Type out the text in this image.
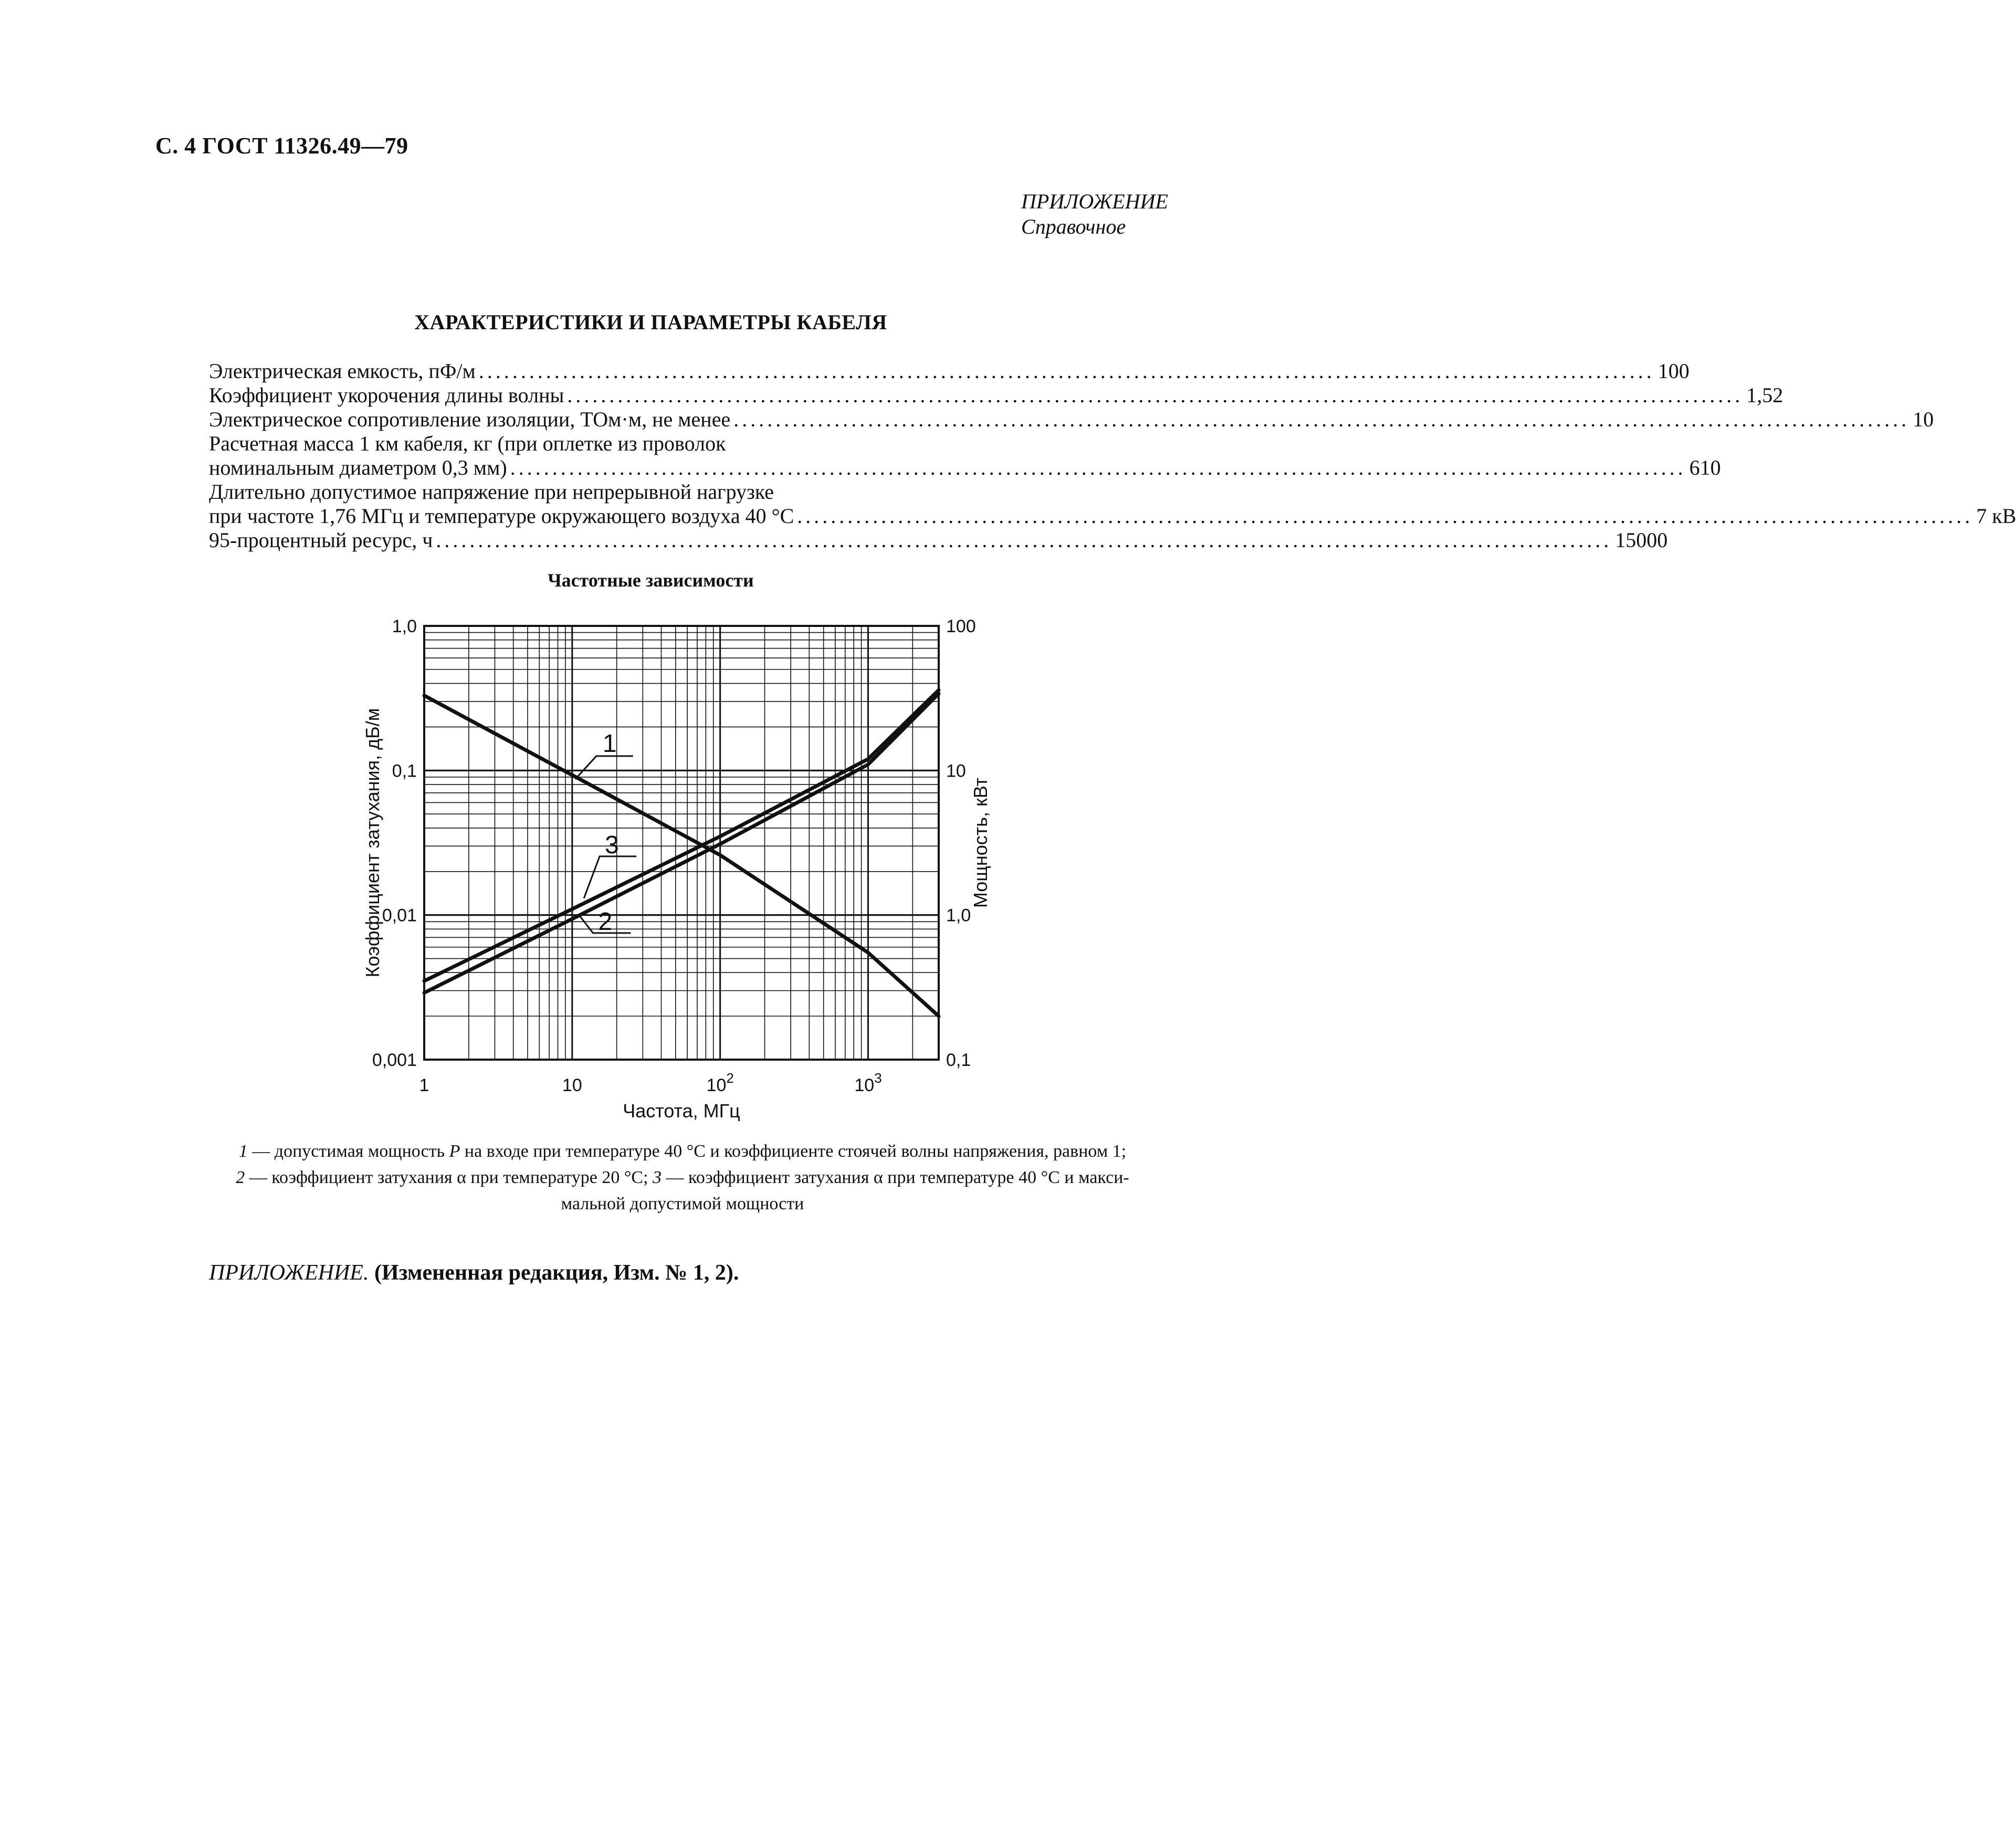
С. 4 ГОСТ 11326.49—79
ПРИЛОЖЕНИЕ
Справочное
ХАРАКТЕРИСТИКИ И ПАРАМЕТРЫ КАБЕЛЯ
Электрическая емкость, пФ/м ............................................................................................................................................ 100
Коэффициент укорочения длины волны ............................................................................................................................................ 1,52
Электрическое сопротивление изоляции, ТОм·м, не менее ............................................................................................................................................ 10
Расчетная масса 1 км кабеля, кг (при оплетке из проволок
номинальным диаметром 0,3 мм) ............................................................................................................................................ 610
Длительно допустимое напряжение при непрерывной нагрузке
при частоте 1,76 МГц и температуре окружающего воздуха 40 °С ............................................................................................................................................ 7 кВ
95-процентный ресурс, ч ............................................................................................................................................ 15000
Частотные зависимости
1	10	$10^2$	$10^3$
0,001
0,01
0,1
1,0
0,1
1,0
10
100
Частота, МГц
Коэффициент затухания, дБ/м	Мощность, кВт
1
3
2
1 — допустимая мощность P на входе при температуре 40 °С и коэффициенте стоячей волны напряжения, равном 1;
2 — коэффициент затухания α при температуре 20 °С; 3 — коэффициент затухания α при температуре 40 °С и макси-
мальной допустимой мощности
ПРИЛОЖЕНИЕ. (Измененная редакция, Изм. № 1, 2).
